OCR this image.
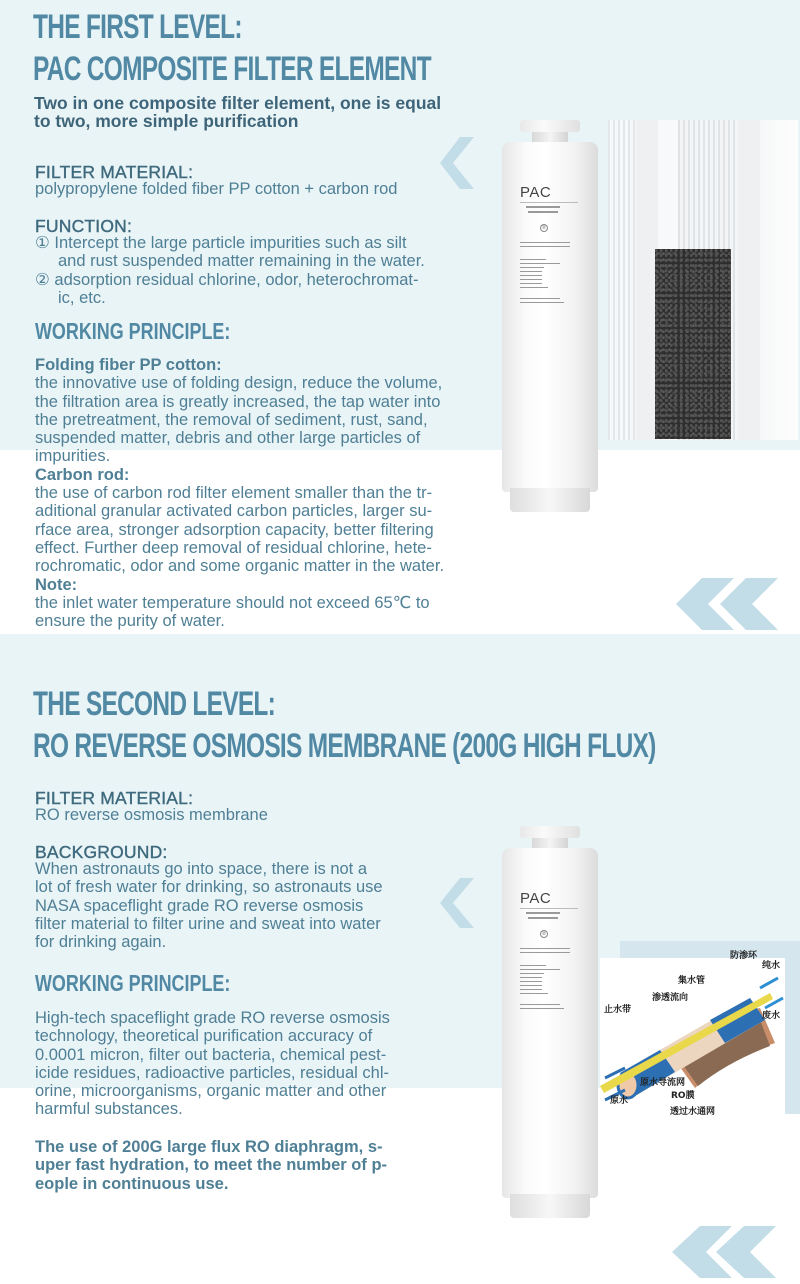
THE FIRST LEVEL:
PAC COMPOSITE FILTER ELEMENT
Two in one composite filter element, one is equal
to two, more simple purification
FILTER MATERIAL:
polypropylene folded fiber PP cotton + carbon rod
FUNCTION:
① Intercept the large particle impurities such as silt
and rust suspended matter remaining in the water.
② adsorption residual chlorine, odor, heterochromat-
ic, etc.
WORKING PRINCIPLE:
Folding fiber PP cotton:
the innovative use of folding design, reduce the volume,
the filtration area is greatly increased, the tap water into
the pretreatment, the removal of sediment, rust, sand,
suspended matter, debris and other large particles of
impurities.
Carbon rod:
the use of carbon rod filter element smaller than the tr-
aditional granular activated carbon particles, larger su-
rface area, stronger adsorption capacity, better filtering
effect. Further deep removal of residual chlorine, hete-
rochromatic, odor and some organic matter in the water.
Note:
the inlet water temperature should not exceed 65℃ to
ensure the purity of water.
PAC
②
THE SECOND LEVEL:
RO REVERSE OSMOSIS MEMBRANE (200G HIGH FLUX)
FILTER MATERIAL:
RO reverse osmosis membrane
BACKGROUND:
When astronauts go into space, there is not a
lot of fresh water for drinking, so astronauts use
NASA spaceflight grade RO reverse osmosis
filter material to filter urine and sweat into water
for drinking again.
WORKING PRINCIPLE:
High-tech spaceflight grade RO reverse osmosis
technology, theoretical purification accuracy of
0.0001 micron, filter out bacteria, chemical pest-
icide residues, radioactive particles, residual chl-
orine, microorganisms, organic matter and other
harmful substances.
The use of 200G large flux RO diaphragm, s-
uper fast hydration, to meet the number of p-
eople in continuous use.
PAC
②
防渗环
纯水
集水管
渗透流向
止水带
废水
原水导流网
RO膜
原水
透过水通网
